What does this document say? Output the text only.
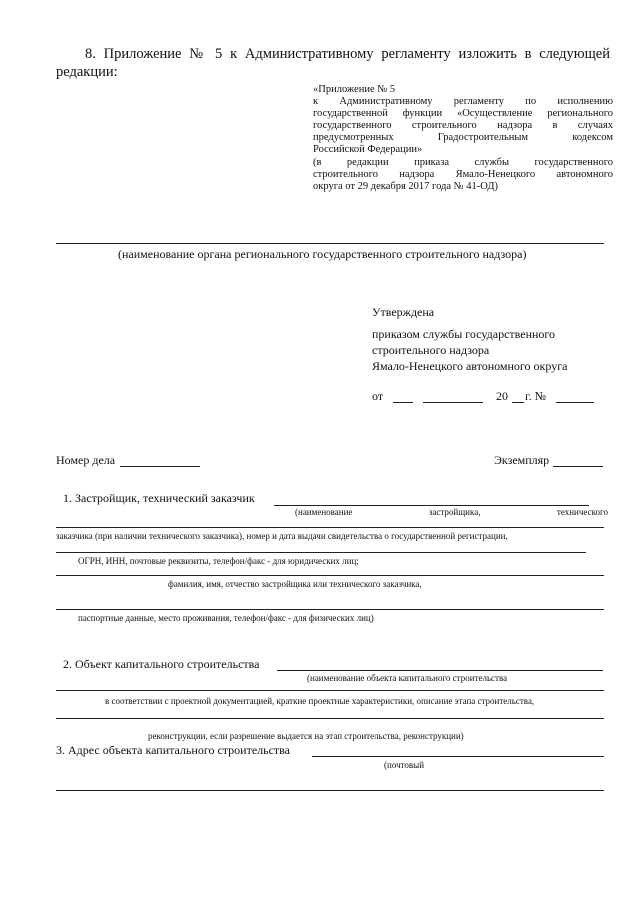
8. Приложение № 5 к Административному регламенту изложить в следующей
редакции:
«Приложение № 5
к Административному регламенту по исполнению
государственной функции «Осуществление регионального
государственного строительного надзора в случаях
предусмотренных Градостроительным кодексом
Российской Федерации»
(в редакции приказа службы государственного
строительного надзора Ямало-Ненецкого автономного
округа от 29 декабря 2017 года № 41-ОД)
(наименование органа регионального государственного строительного надзора)
Утверждена
приказом службы государственного
строительного надзора
Ямало-Ненецкого автономного округа
от	20 г. №
Номер дела	Экземпляр
1. Застройщик, технический заказчик
(наименование застройщика, технического
заказчика (при наличии технического заказчика), номер и дата выдачи свидетельства о государственной регистрации,
ОГРН, ИНН, почтовые реквизиты, телефон/факс - для юридических лиц;
фамилия, имя, отчество застройщика или технического заказчика,
паспортные данные, место проживания, телефон/факс - для физических лиц)
2. Объект капитального строительства
(наименование объекта капитального строительства
в соответствии с проектной документацией, краткие проектные характеристики, описание этапа строительства,
реконструкции, если разрешение выдается на этап строительства, реконструкции)
3. Адрес объекта капитального строительства
(почтовый
